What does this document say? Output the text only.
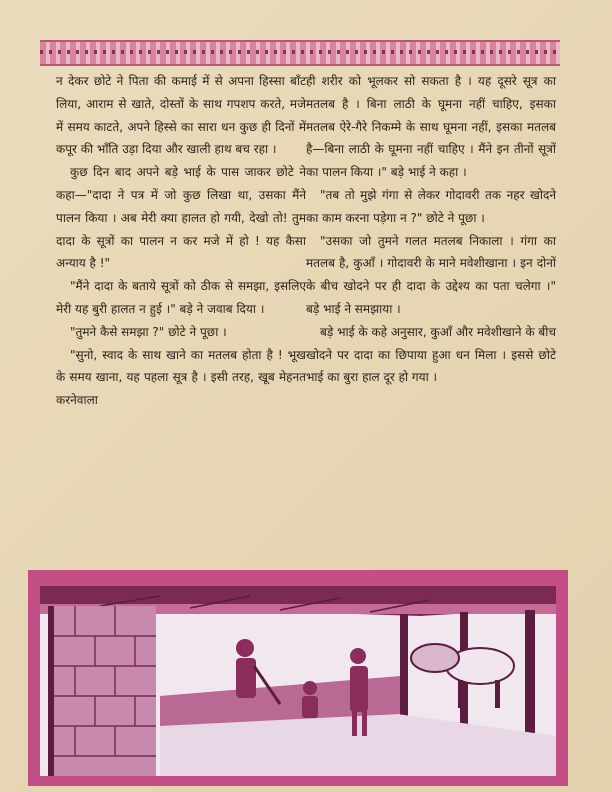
न देकर छोटे ने पिता की कमाई में से अपना हिस्सा बाँट लिया, आराम से खाते, दोस्तों के साथ गपशप करते, मजे में समय काटते, अपने हिस्से का सारा धन कुछ ही दिनों में कपूर की भाँति उड़ा दिया और खाली हाथ बच रहा ।

कुछ दिन बाद अपने बड़े भाई के पास जाकर छोटे ने कहा—"दादा ने पत्र में जो कुछ लिखा था, उसका मैंने पालन किया । अब मेरी क्या हालत हो गयी, देखो तो! तुम दादा के सूत्रों का पालन न कर मजे में हो ! यह कैसा अन्याय है !"

"मैंने दादा के बताये सूत्रों को ठीक से समझा, इसलिए मेरी यह बुरी हालत न हुई ।" बड़े ने जवाब दिया ।

"तुमने कैसे समझा ?" छोटे ने पूछा ।

"सुनो, स्वाद के साथ खाने का मतलब होता है ! भूख के समय खाना, यह पहला सूत्र है । इसी तरह, खूब मेहनत करनेवाला

ही शरीर को भूलकर सो सकता है । यह दूसरे सूत्र का मतलब है । बिना लाठी के घूमना नहीं चाहिए, इसका मतलब ऐरे-गैरे निकम्मे के साथ घूमना नहीं, इसका मतलब है—बिना लाठी के घूमना नहीं चाहिए । मैंने इन तीनों सूत्रों का पालन किया ।" बड़े भाई ने कहा ।

"तब तो मुझे गंगा से लेकर गोदावरी तक नहर खोदने का काम करना पड़ेगा न ?" छोटे ने पूछा ।

"उसका जो तुमने गलत मतलब निकाला । गंगा का मतलब है, कुआँ । गोदावरी के माने मवेशीखाना । इन दोनों के बीच खोदने पर ही दादा के उद्देश्य का पता चलेगा ।" बड़े भाई ने समझाया ।

बड़े भाई के कहे अनुसार, कुआँ और मवेशीखाने के बीच खोदने पर दादा का छिपाया हुआ धन मिला । इससे छोटे भाई का बुरा हाल दूर हो गया ।
